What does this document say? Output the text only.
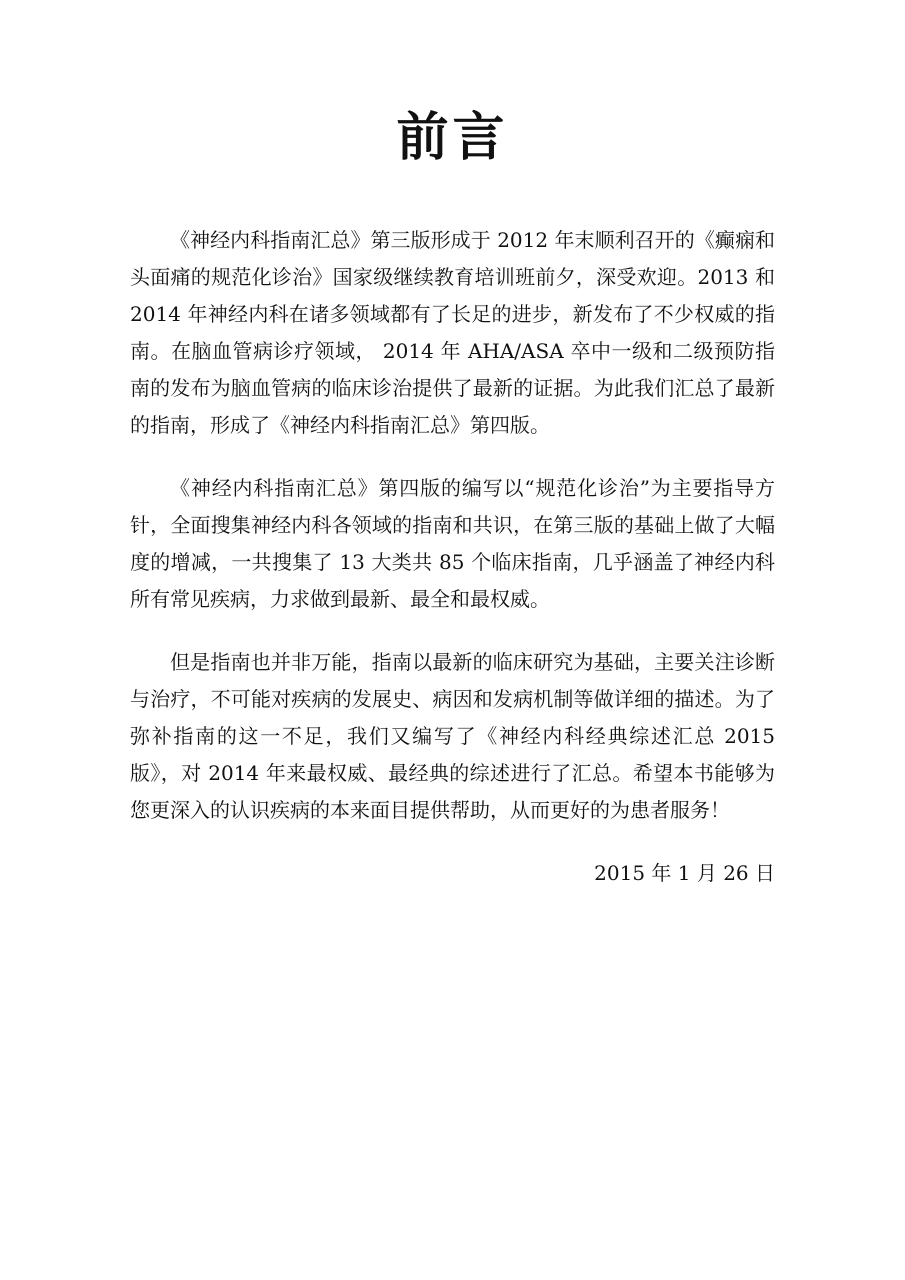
前言

《神经内科指南汇总》第三版形成于 2012 年末顺利召开的《癫痫和头面痛的规范化诊治》国家级继续教育培训班前夕，深受欢迎。2013 和 2014 年神经内科在诸多领域都有了长足的进步，新发布了不少权威的指南。在脑血管病诊疗领域， 2014 年 AHA/ASA 卒中一级和二级预防指南的发布为脑血管病的临床诊治提供了最新的证据。为此我们汇总了最新的指南，形成了《神经内科指南汇总》第四版。

《神经内科指南汇总》第四版的编写以“规范化诊治”为主要指导方针，全面搜集神经内科各领域的指南和共识，在第三版的基础上做了大幅度的增减，一共搜集了 13 大类共 85 个临床指南，几乎涵盖了神经内科所有常见疾病，力求做到最新、最全和最权威。

但是指南也并非万能，指南以最新的临床研究为基础，主要关注诊断与治疗，不可能对疾病的发展史、病因和发病机制等做详细的描述。为了弥补指南的这一不足，我们又编写了《神经内科经典综述汇总 2015 版》，对 2014 年来最权威、最经典的综述进行了汇总。希望本书能够为您更深入的认识疾病的本来面目提供帮助，从而更好的为患者服务！

2015 年 1 月 26 日
